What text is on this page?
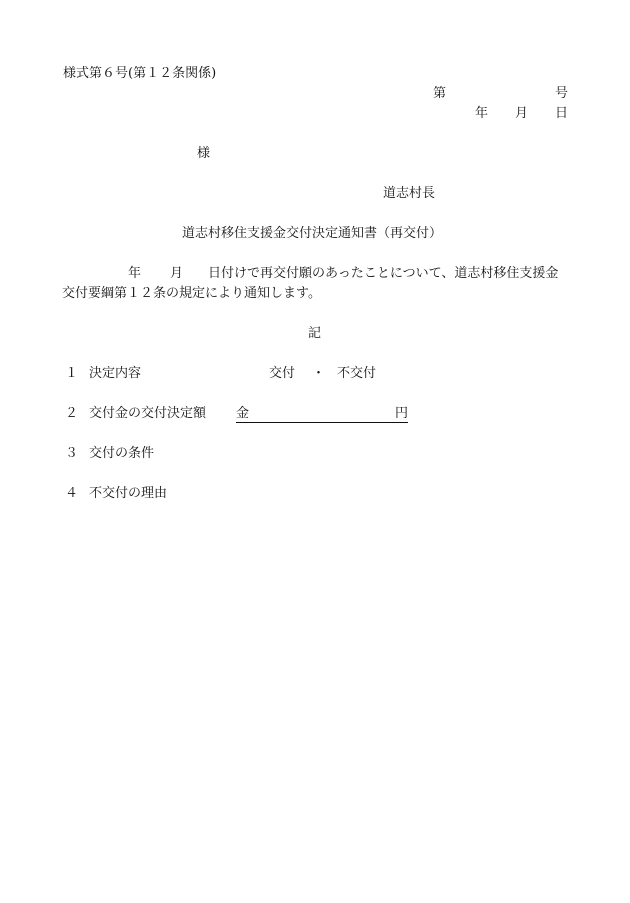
様式第６号(第１２条関係)
第	号
年 月 日
様
道志村長
道志村移住支援金交付決定通知書（再交付）
年 月 日付けで再交付願のあったことについて、道志村移住支援金
交付要綱第１２条の規定により通知します。
記
１ 決定内容	交付 ・ 不交付
２ 交付金の交付決定額 金	円
３ 交付の条件
４ 不交付の理由
